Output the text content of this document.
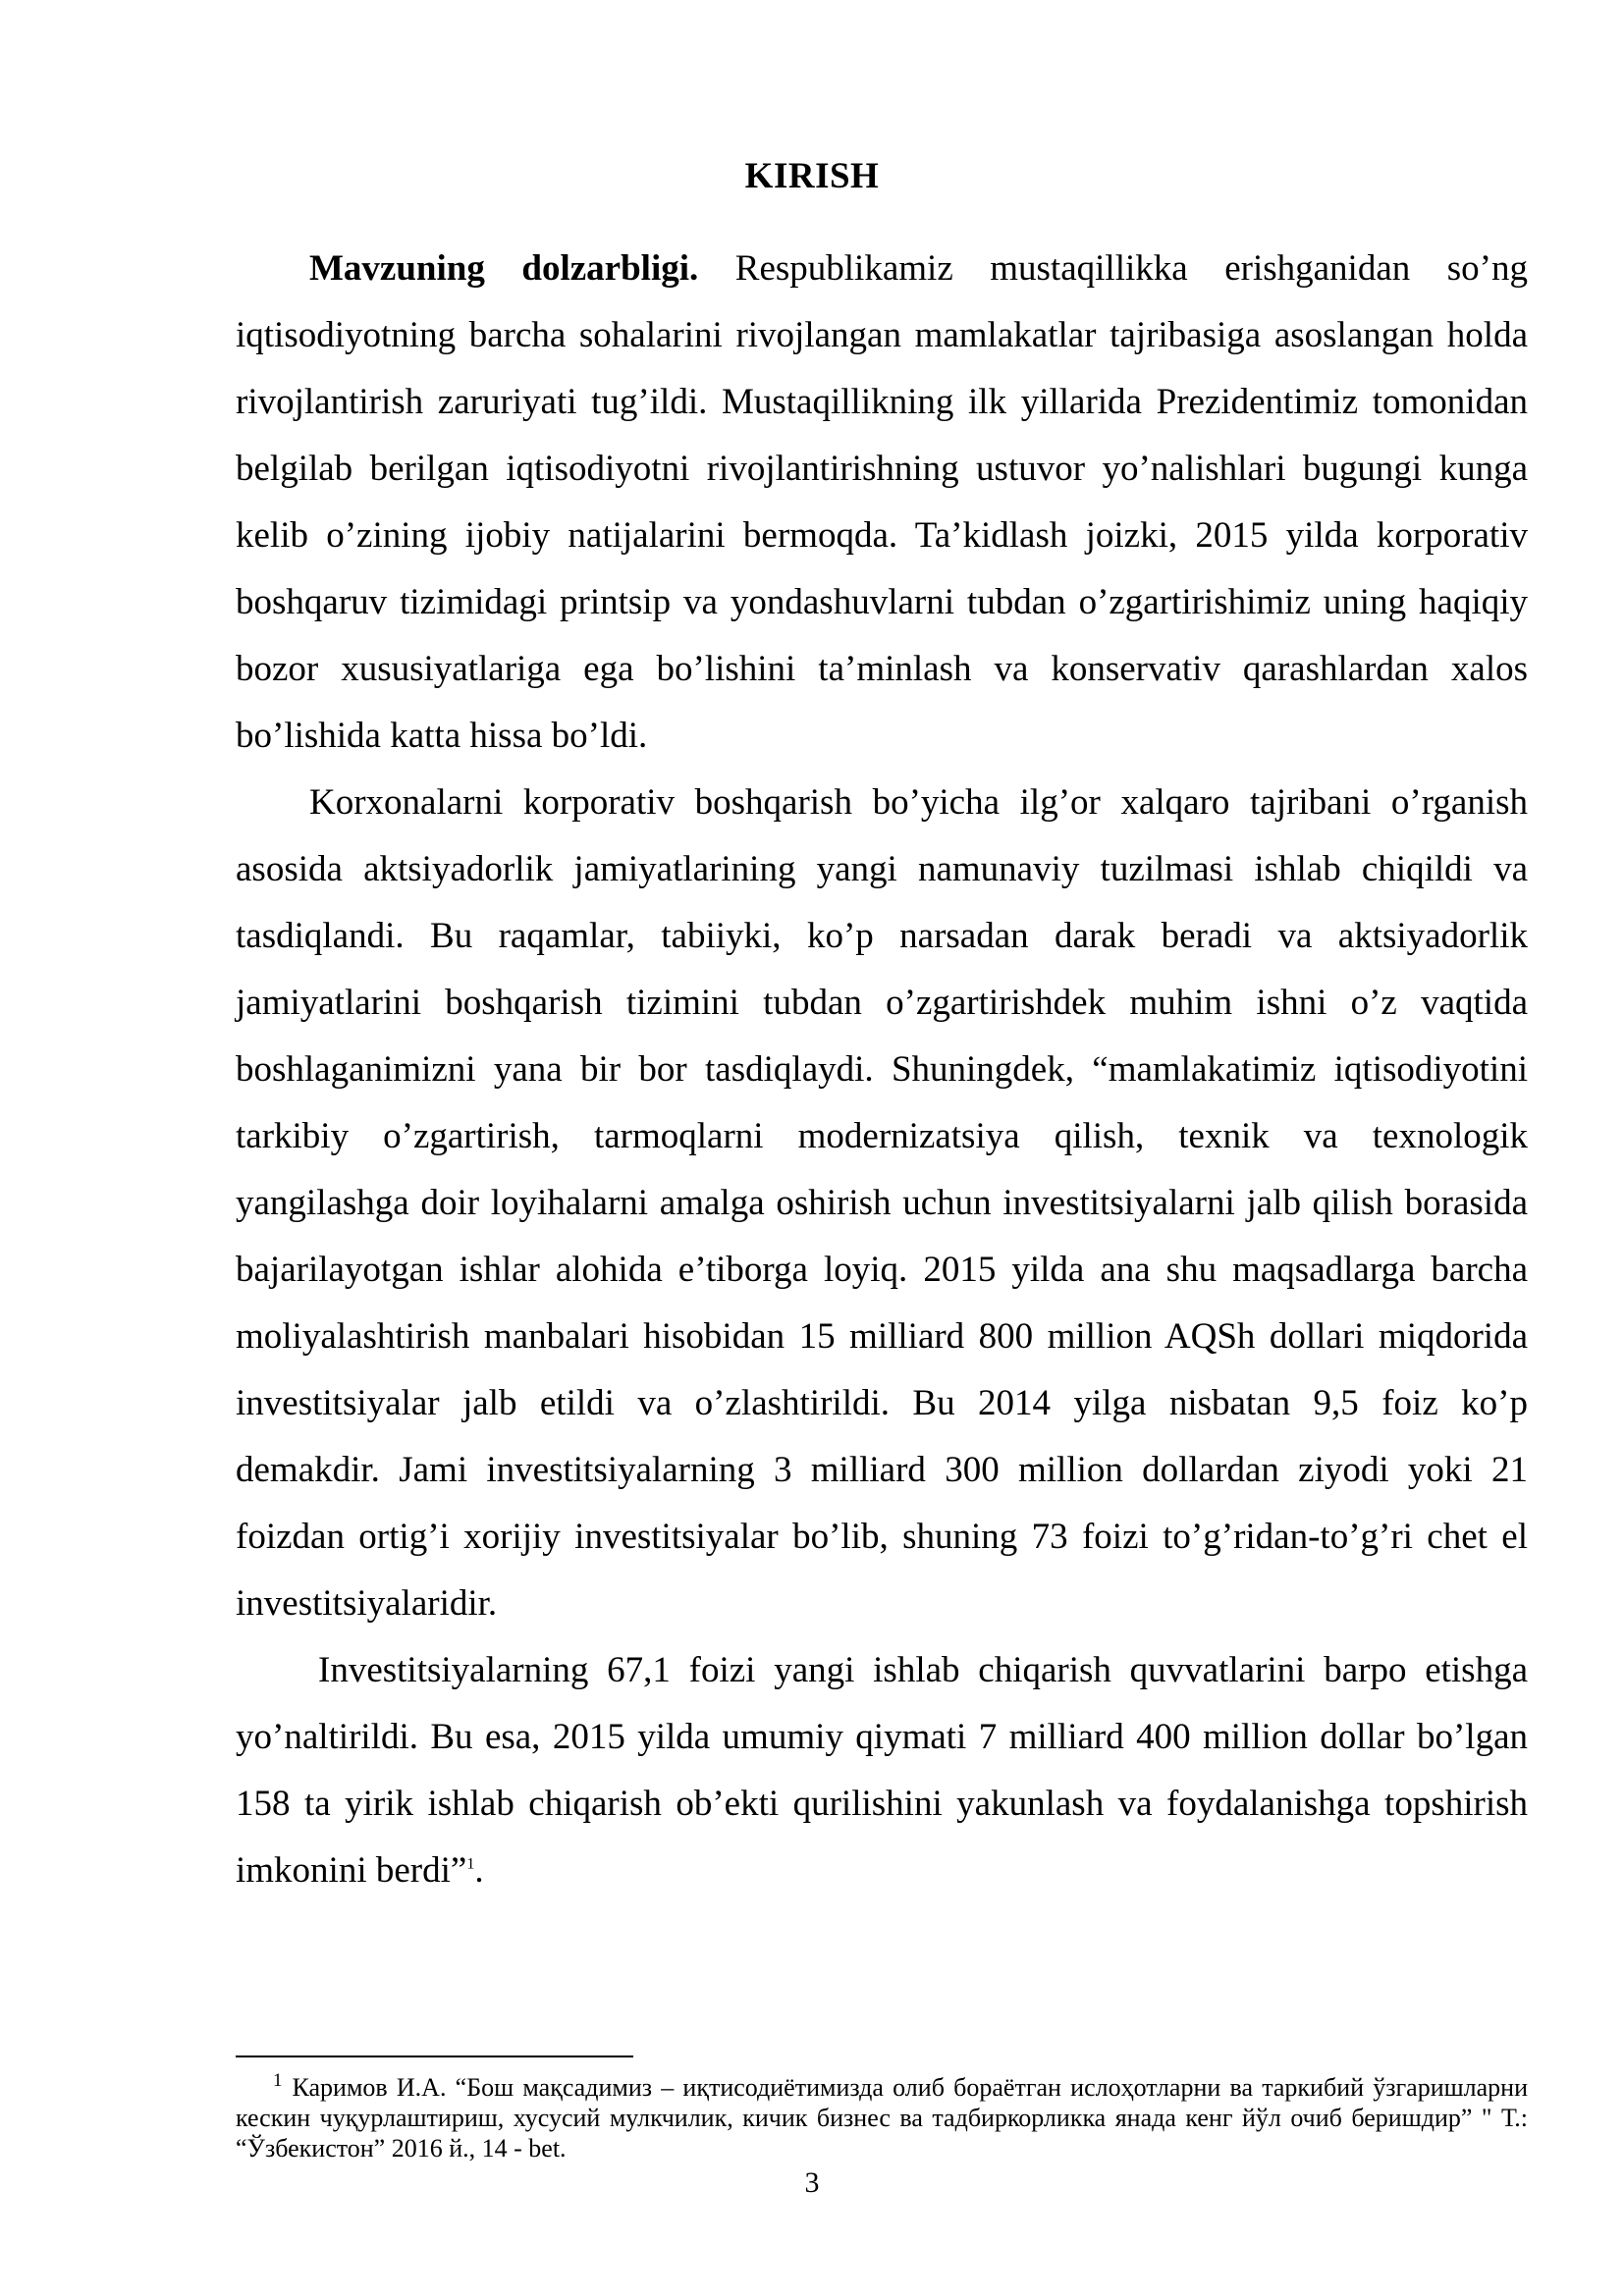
KIRISH

Mavzuning dolzarbligi. Respublikamiz mustaqillikka erishganidan so’ng iqtisodiyotning barcha sohalarini rivojlangan mamlakatlar tajribasiga asoslangan holda rivojlantirish zaruriyati tug’ildi. Mustaqillikning ilk yillarida Prezidentimiz tomonidan belgilab berilgan iqtisodiyotni rivojlantirishning ustuvor yo’nalishlari bugungi kunga kelib o’zining ijobiy natijalarini bermoqda. Ta’kidlash joizki, 2015 yilda korporativ boshqaruv tizimidagi printsip va yondashuvlarni tubdan o’zgartirishimiz uning haqiqiy bozor xususiyatlariga ega bo’lishini ta’minlash va konservativ qarashlardan xalos bo’lishida katta hissa bo’ldi.

Korxonalarni korporativ boshqarish bo’yicha ilg’or xalqaro tajribani o’rganish asosida aktsiyadorlik jamiyatlarining yangi namunaviy tuzilmasi ishlab chiqildi va tasdiqlandi. Bu raqamlar, tabiiyki, ko’p narsadan darak beradi va aktsiyadorlik jamiyatlarini boshqarish tizimini tubdan o’zgartirishdek muhim ishni o’z vaqtida boshlaganimizni yana bir bor tasdiqlaydi. Shuningdek, “mamlakatimiz iqtisodiyotini tarkibiy o’zgartirish, tarmoqlarni modernizatsiya qilish, texnik va texnologik yangilashga doir loyihalarni amalga oshirish uchun investitsiyalarni jalb qilish borasida bajarilayotgan ishlar alohida e’tiborga loyiq. 2015 yilda ana shu maqsadlarga barcha moliyalashtirish manbalari hisobidan 15 milliard 800 million AQSh dollari miqdorida investitsiyalar jalb etildi va o’zlashtirildi. Bu 2014 yilga nisbatan 9,5 foiz ko’p demakdir. Jami investitsiyalarning 3 milliard 300 million dollardan ziyodi yoki 21 foizdan ortig’i xorijiy investitsiyalar bo’lib, shuning 73 foizi to’g’ridan-to’g’ri chet el investitsiyalaridir.

Investitsiyalarning 67,1 foizi yangi ishlab chiqarish quvvatlarini barpo etishga yo’naltirildi. Bu esa, 2015 yilda umumiy qiymati 7 milliard 400 million dollar bo’lgan 158 ta yirik ishlab chiqarish ob’ekti qurilishini yakunlash va foydalanishga topshirish imkonini berdi”$^1$.

$^1$ Каримов И.А. “Бош мақсадимиз – иқтисодиётимизда олиб бораётган ислоҳотларни ва таркибий ўзгаришларни кескин чуқурлаштириш, хусусий мулкчилик, кичик бизнес ва тадбиркорликка янада кенг йўл очиб беришдир” " Т.: “Ўзбекистон” 2016 й., 14 - bet.

3
